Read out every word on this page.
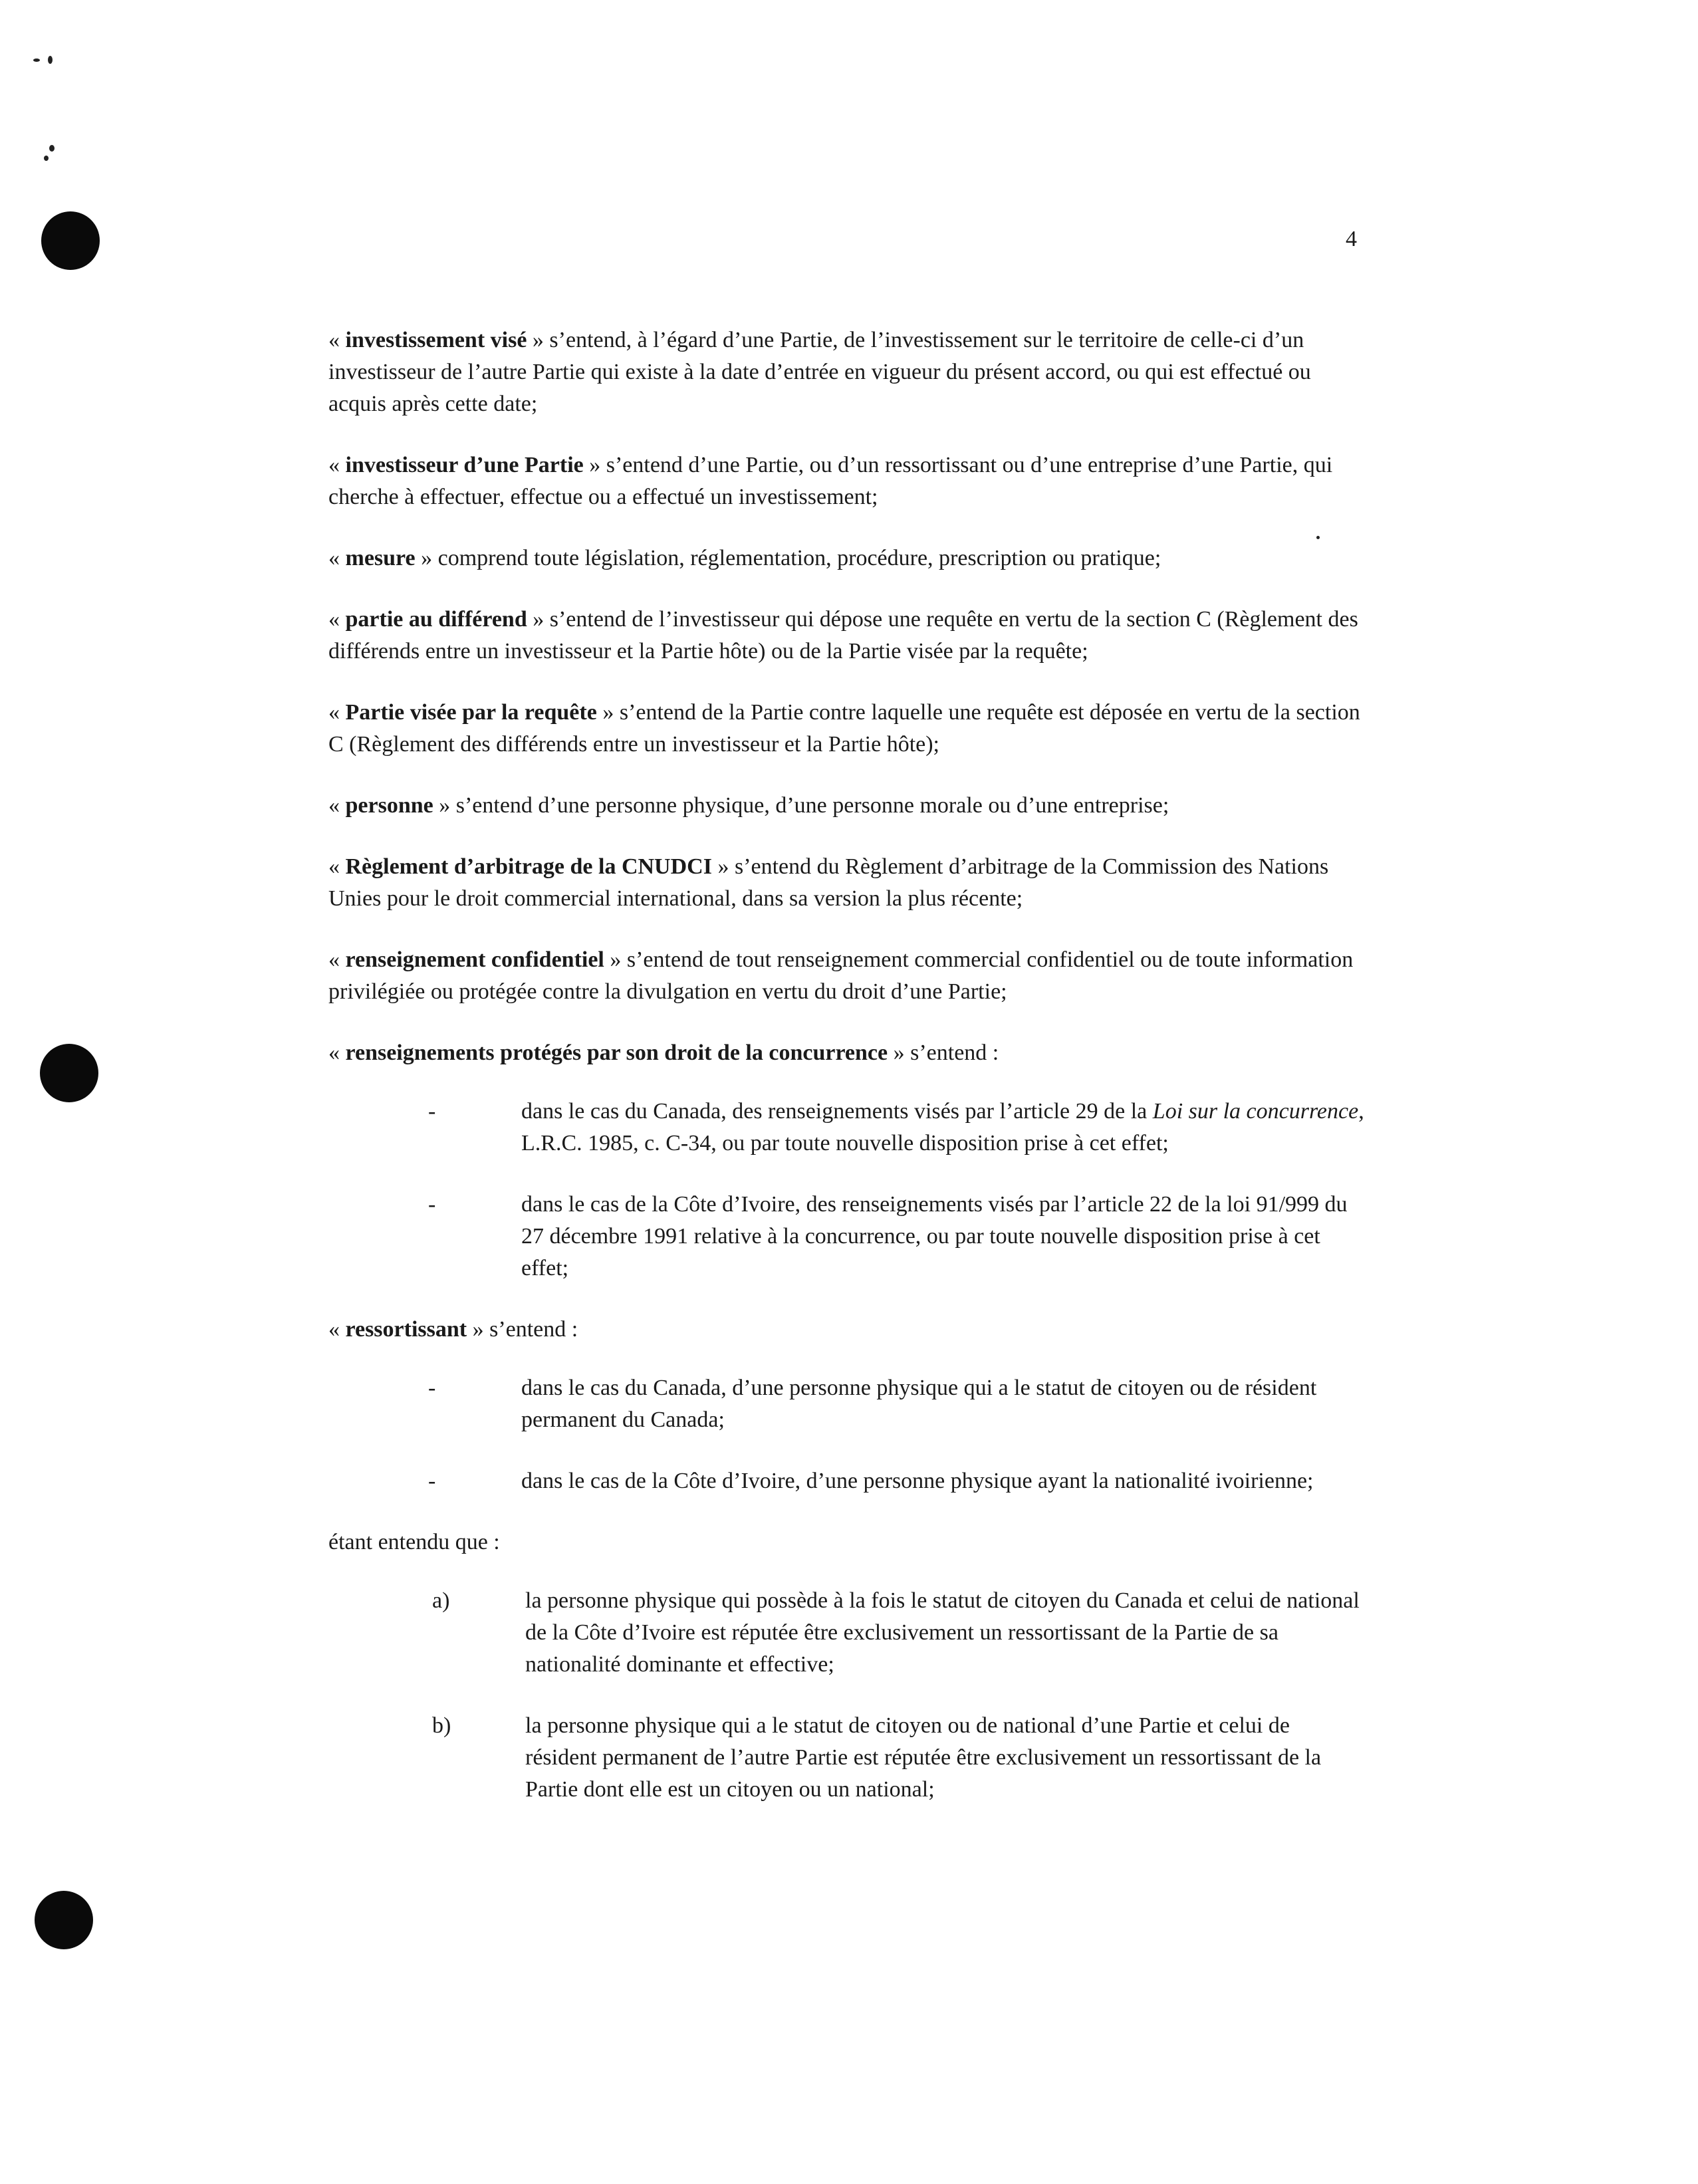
4

« investissement visé » s’entend, à l’égard d’une Partie, de l’investissement sur le territoire de celle-ci d’un investisseur de l’autre Partie qui existe à la date d’entrée en vigueur du présent accord, ou qui est effectué ou acquis après cette date;

« investisseur d’une Partie » s’entend d’une Partie, ou d’un ressortissant ou d’une entreprise d’une Partie, qui cherche à effectuer, effectue ou a effectué un investissement;

« mesure » comprend toute législation, réglementation, procédure, prescription ou pratique;

« partie au différend » s’entend de l’investisseur qui dépose une requête en vertu de la section C (Règlement des différends entre un investisseur et la Partie hôte) ou de la Partie visée par la requête;

« Partie visée par la requête » s’entend de la Partie contre laquelle une requête est déposée en vertu de la section C (Règlement des différends entre un investisseur et la Partie hôte);

« personne » s’entend d’une personne physique, d’une personne morale ou d’une entreprise;

« Règlement d’arbitrage de la CNUDCI » s’entend du Règlement d’arbitrage de la Commission des Nations Unies pour le droit commercial international, dans sa version la plus récente;

« renseignement confidentiel » s’entend de tout renseignement commercial confidentiel ou de toute information privilégiée ou protégée contre la divulgation en vertu du droit d’une Partie;

« renseignements protégés par son droit de la concurrence » s’entend :

-	dans le cas du Canada, des renseignements visés par l’article 29 de la Loi sur la concurrence, L.R.C. 1985, c. C-34, ou par toute nouvelle disposition prise à cet effet;
-	dans le cas de la Côte d’Ivoire, des renseignements visés par l’article 22 de la loi 91/999 du 27 décembre 1991 relative à la concurrence, ou par toute nouvelle disposition prise à cet effet;

« ressortissant » s’entend :

-	dans le cas du Canada, d’une personne physique qui a le statut de citoyen ou de résident permanent du Canada;
-	dans le cas de la Côte d’Ivoire, d’une personne physique ayant la nationalité ivoirienne;

étant entendu que :

a)	la personne physique qui possède à la fois le statut de citoyen du Canada et celui de national de la Côte d’Ivoire est réputée être exclusivement un ressortissant de la Partie de sa nationalité dominante et effective;
b)	la personne physique qui a le statut de citoyen ou de national d’une Partie et celui de résident permanent de l’autre Partie est réputée être exclusivement un ressortissant de la Partie dont elle est un citoyen ou un national;
